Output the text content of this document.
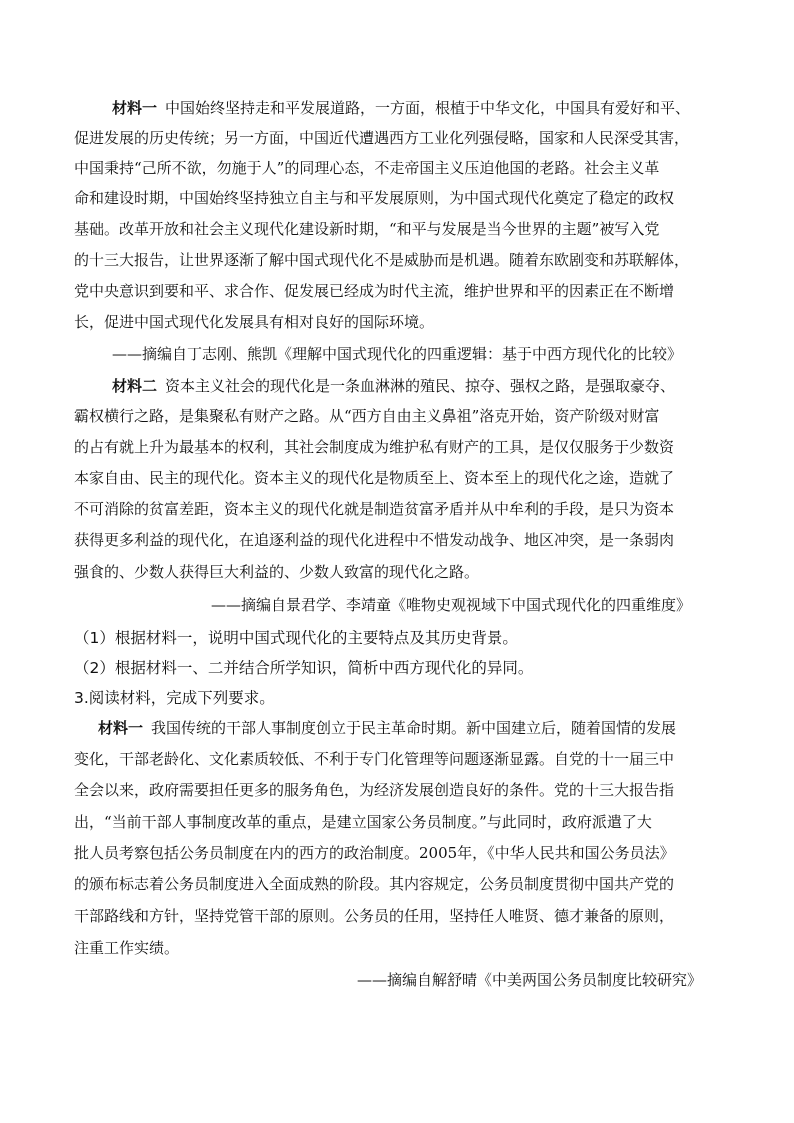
材料一 中国始终坚持走和平发展道路，一方面，根植于中华文化，中国具有爱好和平、
促进发展的历史传统；另一方面，中国近代遭遇西方工业化列强侵略，国家和人民深受其害，
中国秉持“己所不欲，勿施于人”的同理心态，不走帝国主义压迫他国的老路。社会主义革
命和建设时期，中国始终坚持独立自主与和平发展原则，为中国式现代化奠定了稳定的政权
基础。改革开放和社会主义现代化建设新时期，“和平与发展是当今世界的主题”被写入党
的十三大报告，让世界逐渐了解中国式现代化不是威胁而是机遇。随着东欧剧变和苏联解体，
党中央意识到要和平、求合作、促发展已经成为时代主流，维护世界和平的因素正在不断增
长，促进中国式现代化发展具有相对良好的国际环境。
——摘编自丁志刚、熊凯《理解中国式现代化的四重逻辑：基于中西方现代化的比较》
材料二 资本主义社会的现代化是一条血淋淋的殖民、掠夺、强权之路，是强取豪夺、
霸权横行之路，是集聚私有财产之路。从“西方自由主义鼻祖”洛克开始，资产阶级对财富
的占有就上升为最基本的权利，其社会制度成为维护私有财产的工具，是仅仅服务于少数资
本家自由、民主的现代化。资本主义的现代化是物质至上、资本至上的现代化之途，造就了
不可消除的贫富差距，资本主义的现代化就是制造贫富矛盾并从中牟利的手段，是只为资本
获得更多利益的现代化，在追逐利益的现代化进程中不惜发动战争、地区冲突，是一条弱肉
强食的、少数人获得巨大利益的、少数人致富的现代化之路。
——摘编自景君学、李靖童《唯物史观视域下中国式现代化的四重维度》
（1）根据材料一，说明中国式现代化的主要特点及其历史背景。
（2）根据材料一、二并结合所学知识，简析中西方现代化的异同。
3.阅读材料，完成下列要求。
材料一 我国传统的干部人事制度创立于民主革命时期。新中国建立后，随着国情的发展
变化，干部老龄化、文化素质较低、不利于专门化管理等问题逐渐显露。自党的十一届三中
全会以来，政府需要担任更多的服务角色，为经济发展创造良好的条件。党的十三大报告指
出，“当前干部人事制度改革的重点，是建立国家公务员制度。”与此同时，政府派遣了大
批人员考察包括公务员制度在内的西方的政治制度。2005年，《中华人民共和国公务员法》
的颁布标志着公务员制度进入全面成熟的阶段。其内容规定，公务员制度贯彻中国共产党的
干部路线和方针，坚持党管干部的原则。公务员的任用，坚持任人唯贤、德才兼备的原则，
注重工作实绩。
——摘编自解舒晴《中美两国公务员制度比较研究》
